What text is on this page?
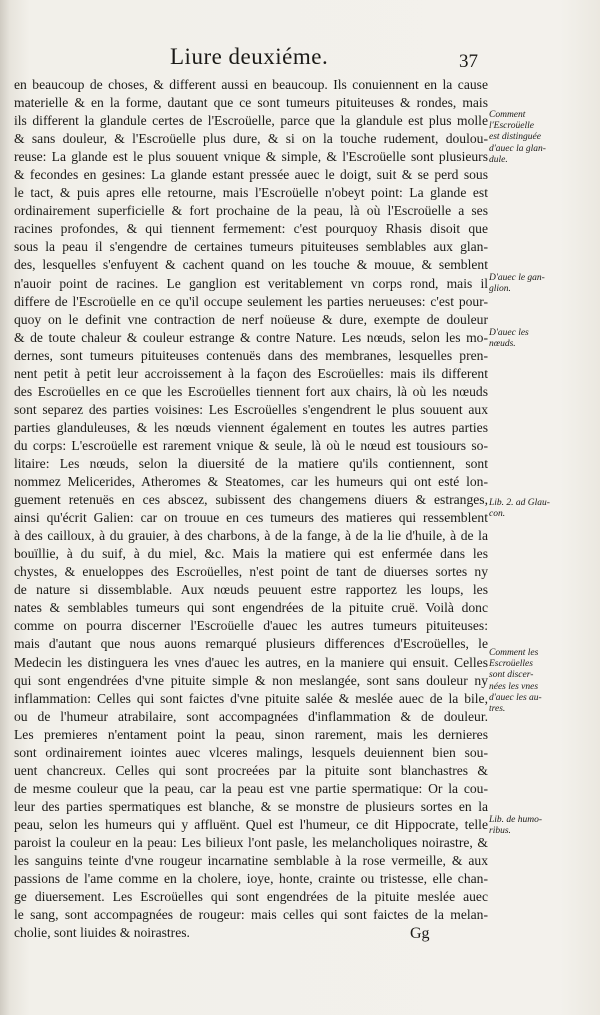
Liure deuxiéme.	37
en beaucoup de choses, & different aussi en beaucoup. Ils conuiennent en la cause
materielle & en la forme, dautant que ce sont tumeurs pituiteuses & rondes, mais
ils different la glandule certes de l'Escroüelle, parce que la glandule est plus molle
& sans douleur, & l'Escroüelle plus dure, & si on la touche rudement, doulou-
reuse: La glande est le plus souuent vnique & simple, & l'Escroüelle sont plusieurs
& fecondes en gesines: La glande estant pressée auec le doigt, suit & se perd sous
le tact, & puis apres elle retourne, mais l'Escroüelle n'obeyt point: La glande est
ordinairement superficielle & fort prochaine de la peau, là où l'Escroüelle a ses
racines profondes, & qui tiennent fermement: c'est pourquoy Rhasis disoit que
sous la peau il s'engendre de certaines tumeurs pituiteuses semblables aux glan-
des, lesquelles s'enfuyent & cachent quand on les touche & mouue, & semblent
n'auoir point de racines. Le ganglion est veritablement vn corps rond, mais il
differe de l'Escroüelle en ce qu'il occupe seulement les parties nerueuses: c'est pour-
quoy on le definit vne contraction de nerf noüeuse & dure, exempte de douleur
& de toute chaleur & couleur estrange & contre Nature. Les nœuds, selon les mo-
dernes, sont tumeurs pituiteuses contenuës dans des membranes, lesquelles pren-
nent petit à petit leur accroissement à la façon des Escroüelles: mais ils different
des Escroüelles en ce que les Escroüelles tiennent fort aux chairs, là où les nœuds
sont separez des parties voisines: Les Escroüelles s'engendrent le plus souuent aux
parties glanduleuses, & les nœuds viennent également en toutes les autres parties
du corps: L'escroüelle est rarement vnique & seule, là où le nœud est tousiours so-
litaire: Les nœuds, selon la diuersité de la matiere qu'ils contiennent, sont
nommez Melicerides, Atheromes & Steatomes, car les humeurs qui ont esté lon-
guement retenuës en ces abscez, subissent des changemens diuers & estranges,
ainsi qu'écrit Galien: car on trouue en ces tumeurs des matieres qui ressemblent
à des cailloux, à du grauier, à des charbons, à de la fange, à de la lie d'huile, à de la
bouïllie, à du suif, à du miel, &c. Mais la matiere qui est enfermée dans les
chystes, & enueloppes des Escroüelles, n'est point de tant de diuerses sortes ny
de nature si dissemblable. Aux nœuds peuuent estre rapportez les loups, les
nates & semblables tumeurs qui sont engendrées de la pituite cruë. Voilà donc
comme on pourra discerner l'Escroüelle d'auec les autres tumeurs pituiteuses:
mais d'autant que nous auons remarqué plusieurs differences d'Escroüelles, le
Medecin les distinguera les vnes d'auec les autres, en la maniere qui ensuit. Celles
qui sont engendrées d'vne pituite simple & non meslangée, sont sans douleur ny
inflammation: Celles qui sont faictes d'vne pituite salée & meslée auec de la bile,
ou de l'humeur atrabilaire, sont accompagnées d'inflammation & de douleur.
Les premieres n'entament point la peau, sinon rarement, mais les dernieres
sont ordinairement iointes auec vlceres malings, lesquels deuiennent bien sou-
uent chancreux. Celles qui sont procreées par la pituite sont blanchastres &
de mesme couleur que la peau, car la peau est vne partie spermatique: Or la cou-
leur des parties spermatiques est blanche, & se monstre de plusieurs sortes en la
peau, selon les humeurs qui y affluënt. Quel est l'humeur, ce dit Hippocrate, telle
paroist la couleur en la peau: Les bilieux l'ont pasle, les melancholiques noirastre, &
les sanguins teinte d'vne rougeur incarnatine semblable à la rose vermeille, & aux
passions de l'ame comme en la cholere, ioye, honte, crainte ou tristesse, elle chan-
ge diuersement. Les Escroüelles qui sont engendrées de la pituite meslée auec
le sang, sont accompagnées de rougeur: mais celles qui sont faictes de la melan-
cholie, sont liuides & noirastres.
Comment
l'Escroüelle
est distinguée
d'auec la glan-
dule.
D'auec le gan-
glion.
D'auec les
nœuds.
Lib. 2. ad Glau-
con.
Comment les
Escroüelles
sont discer-
nées les vnes
d'auec les au-
tres.
Lib. de humo-
ribus.
Gg
